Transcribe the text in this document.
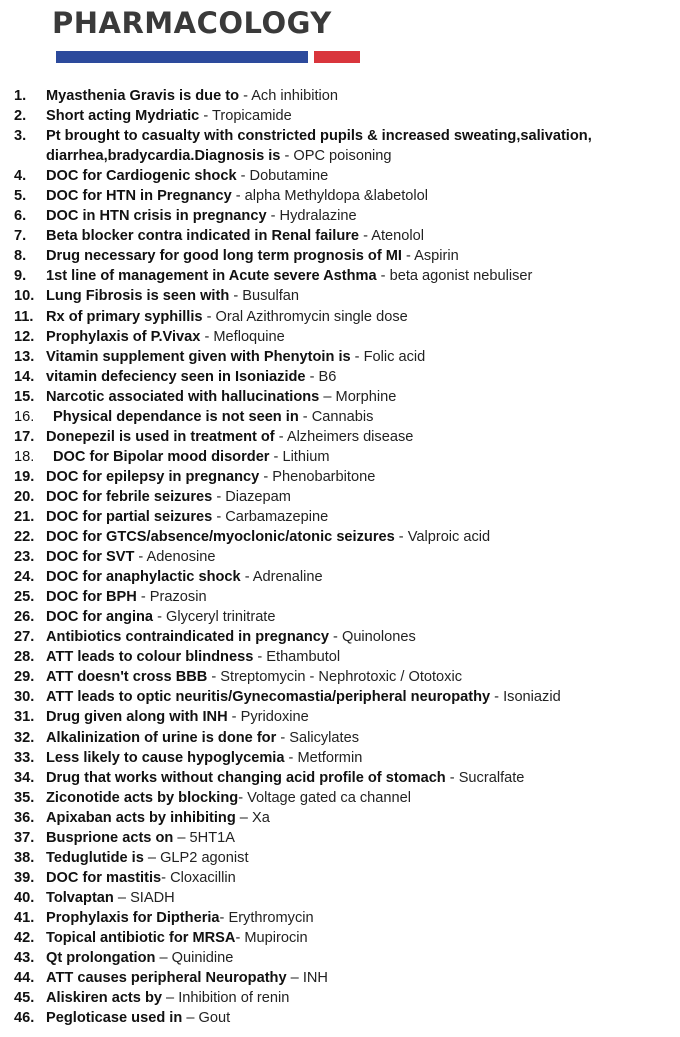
PHARMACOLOGY
1.	Myasthenia Gravis is due to - Ach inhibition
2.	Short acting Mydriatic - Tropicamide
3.	Pt brought to casualty with constricted pupils & increased sweating,salivation, diarrhea,bradycardia.Diagnosis is - OPC poisoning
4.	DOC for Cardiogenic shock - Dobutamine
5.	DOC for HTN in Pregnancy - alpha Methyldopa &labetolol
6.	DOC in HTN crisis in pregnancy - Hydralazine
7.	Beta blocker contra indicated in Renal failure - Atenolol
8.	Drug necessary for good long term prognosis of MI - Aspirin
9.	1st line of management in Acute severe Asthma - beta agonist nebuliser
10. Lung Fibrosis is seen with - Busulfan
11. Rx of primary syphillis - Oral Azithromycin single dose
12. Prophylaxis of P.Vivax - Mefloquine
13. Vitamin supplement given with Phenytoin is - Folic acid
14. vitamin defeciency seen in Isoniazide - B6
15. Narcotic associated with hallucinations – Morphine
16.	Physical dependance is not seen in - Cannabis
17. Donepezil is used in treatment of - Alzheimers disease
18.	DOC for Bipolar mood disorder - Lithium
19. DOC for epilepsy in pregnancy - Phenobarbitone
20. DOC for febrile seizures - Diazepam
21. DOC for partial seizures - Carbamazepine
22. DOC for GTCS/absence/myoclonic/atonic seizures - Valproic acid
23. DOC for SVT - Adenosine
24. DOC for anaphylactic shock - Adrenaline
25. DOC for BPH - Prazosin
26. DOC for angina - Glyceryl trinitrate
27. Antibiotics contraindicated in pregnancy - Quinolones
28. ATT leads to colour blindness - Ethambutol
29. ATT doesn't cross BBB - Streptomycin - Nephrotoxic / Ototoxic
30. ATT leads to optic neuritis/Gynecomastia/peripheral neuropathy - Isoniazid
31. Drug given along with INH - Pyridoxine
32. Alkalinization of urine is done for - Salicylates
33. Less likely to cause hypoglycemia - Metformin
34. Drug that works without changing acid profile of stomach - Sucralfate
35. Ziconotide acts by blocking- Voltage gated ca channel
36. Apixaban acts by inhibiting – Xa
37. Busprione acts on – 5HT1A
38. Teduglutide is – GLP2 agonist
39. DOC for mastitis- Cloxacillin
40. Tolvaptan – SIADH
41. Prophylaxis for Diptheria- Erythromycin
42. Topical antibiotic for MRSA- Mupirocin
43. Qt prolongation – Quinidine
44. ATT causes peripheral Neuropathy – INH
45. Aliskiren acts by – Inhibition of renin
46. Pegloticase used in – Gout
